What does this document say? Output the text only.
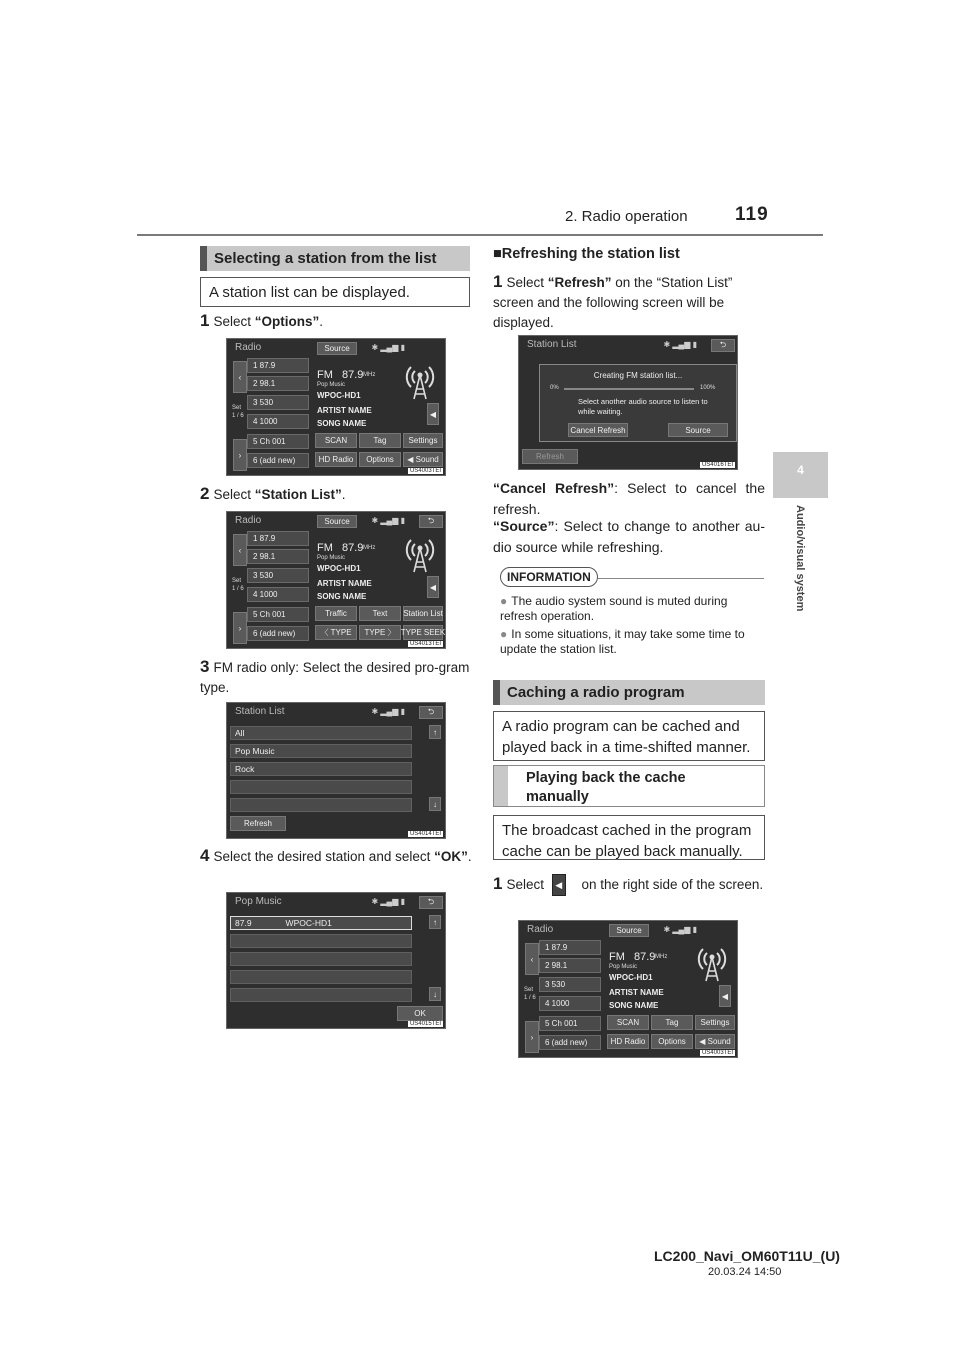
2. Radio operation 119
4
Audio/visual system
Selecting a station from the list
A station list can be displayed.
1 Select “Options”.
Radio	Source	✱ ▂▄▆ ▮
‹
Set
1 / 6
›
1 87.9
2 98.1
3 530
4 1000
5 Ch 001
6 (add new)
FM 87.9 MHz
Pop Music
WPOC-HD1
ARTIST NAME
SONG NAME
◀
SCAN	Tag	Settings
HD Radio	Options	◀ Sound
US4003TEI
2 Select “Station List”.
Radio	Source	✱ ▂▄▆ ▮	⮌
‹
Set
1 / 6
›
1 87.9
2 98.1
3 530
4 1000
5 Ch 001
6 (add new)
FM 87.9 MHz
Pop Music
WPOC-HD1
ARTIST NAME
SONG NAME
◀
Traffic	Text	Station List
〈 TYPE	TYPE 〉 TYPE SEEK
US4013TEI
3 FM radio only: Select the desired pro-gram type.
Station List	✱ ▂▄▆ ▮	⮌
All
Pop Music
Rock
↑
↓
Refresh
US4014TEI
4 Select the desired station and select “OK”.
Pop Music	✱ ▂▄▆ ▮	⮌
87.9	WPOC-HD1	↑
↓
OK
US4015TEI
■Refreshing the station list
1 Select “Refresh” on the “Station List” screen and the following screen will be displayed.
Station List	✱ ▂▄▆ ▮	⮌
Creating FM station list...
0%	100%
Select another audio source to listen to while waiting.
Cancel Refresh	Source
Refresh
US4016TEI
“Cancel Refresh”: Select to cancel the refresh.
“Source”: Select to change to another au-dio source while refreshing.
INFORMATION
● The audio system sound is muted during refresh operation.
● In some situations, it may take some time to update the station list.
Caching a radio program
A radio program can be cached and played back in a time-shifted manner.
Playing back the cache manually
The broadcast cached in the program cache can be played back manually.
1 Select ◀ on the right side of the screen.
Radio	Source	✱ ▂▄▆ ▮
‹
Set
1 / 6
›
1 87.9
2 98.1
3 530
4 1000
5 Ch 001
6 (add new)
FM 87.9 MHz
Pop Music
WPOC-HD1
ARTIST NAME
SONG NAME
◀
SCAN	Tag	Settings
HD Radio	Options	◀ Sound
US4003TEI
LC200_Navi_OM60T11U_(U)
20.03.24 14:50
